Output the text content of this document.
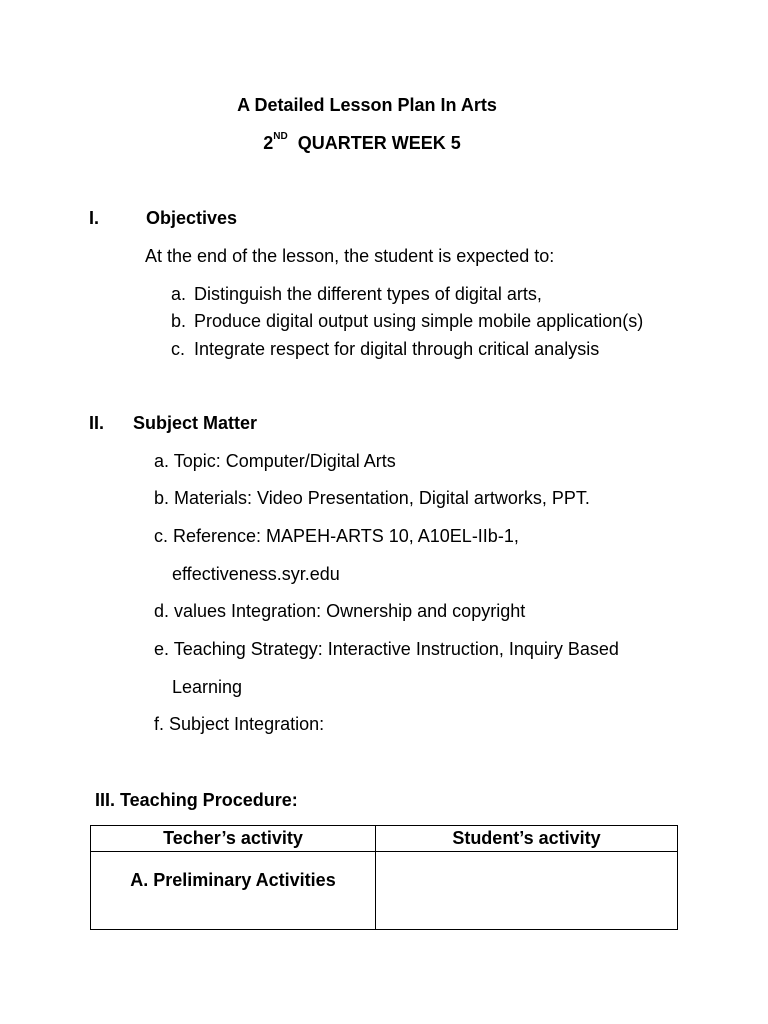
A Detailed Lesson Plan In Arts
2ND QUARTER WEEK 5
I.	Objectives
At the end of the lesson, the student is expected to:
a. Distinguish the different types of digital arts,
b. Produce digital output using simple mobile application(s)
c. Integrate respect for digital through critical analysis
II. Subject Matter
a. Topic: Computer/Digital Arts
b. Materials: Video Presentation, Digital artworks, PPT.
c. Reference: MAPEH-ARTS 10, A10EL-IIb-1,
effectiveness.syr.edu
d. values Integration: Ownership and copyright
e. Teaching Strategy: Interactive Instruction, Inquiry Based
Learning
f. Subject Integration:
III. Teaching Procedure:
Techer’s activity	Student’s activity

A. Preliminary Activities	
